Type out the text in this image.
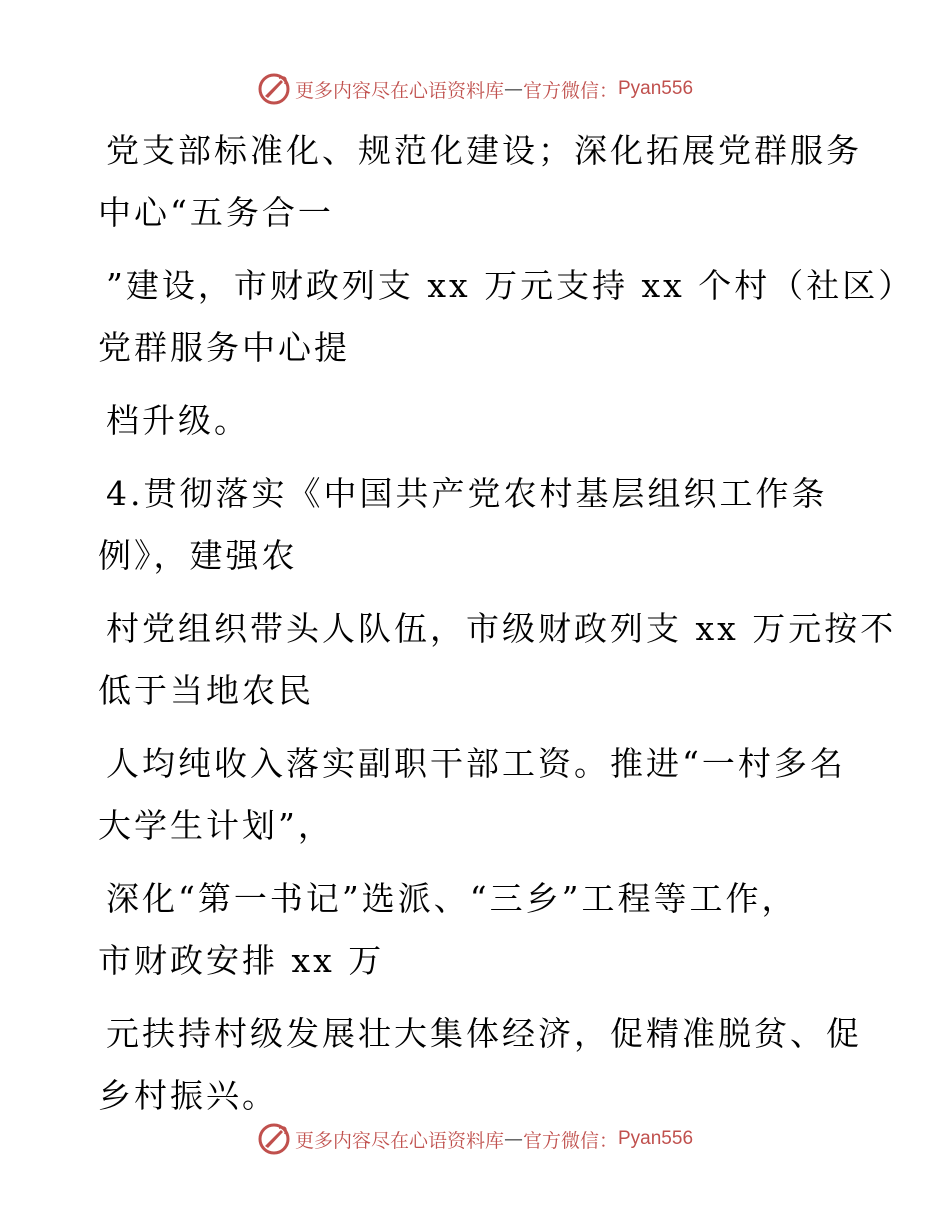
更多内容尽在心语资料库 — 官方微信： Pyan556
党支部标准化、规范化建设；深化拓展党群服务
中心“五务合一
”建设，市财政列支 xx 万元支持 xx 个村（社区）
党群服务中心提
档升级。
4.贯彻落实《中国共产党农村基层组织工作条
例》，建强农
村党组织带头人队伍，市级财政列支 xx 万元按不
低于当地农民
人均纯收入落实副职干部工资。推进“一村多名
大学生计划”，
深化“第一书记”选派、“三乡”工程等工作，
市财政安排 xx 万
元扶持村级发展壮大集体经济，促精准脱贫、促
乡村振兴。
更多内容尽在心语资料库 — 官方微信： Pyan556
